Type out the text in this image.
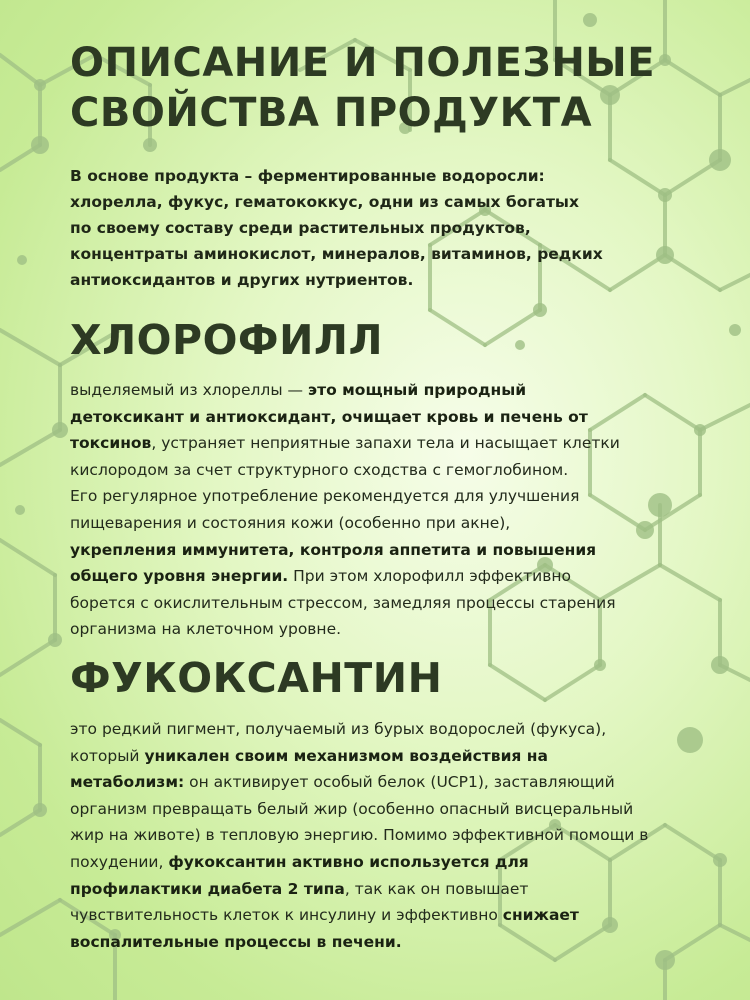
ОПИСАНИЕ И ПОЛЕЗНЫЕ
СВОЙСТВА ПРОДУКТА
В основе продукта – ферментированные водоросли:
хлорелла, фукус, гематококкус, одни из самых богатых
по своему составу среди растительных продуктов,
концентраты аминокислот, минералов, витаминов, редких
антиоксидантов и других нутриентов.
ХЛОРОФИЛЛ
выделяемый из хлореллы — это мощный природный
детоксикант и антиоксидант, очищает кровь и печень от
токсинов, устраняет неприятные запахи тела и насыщает клетки
кислородом за счет структурного сходства с гемоглобином.
Его регулярное употребление рекомендуется для улучшения
пищеварения и состояния кожи (особенно при акне),
укрепления иммунитета, контроля аппетита и повышения
общего уровня энергии. При этом хлорофилл эффективно
борется с окислительным стрессом, замедляя процессы старения
организма на клеточном уровне.
ФУКОКСАНТИН
это редкий пигмент, получаемый из бурых водорослей (фукуса),
который уникален своим механизмом воздействия на
метаболизм: он активирует особый белок (UCP1), заставляющий
организм превращать белый жир (особенно опасный висцеральный
жир на животе) в тепловую энергию. Помимо эффективной помощи в
похудении, фукоксантин активно используется для
профилактики диабета 2 типа, так как он повышает
чувствительность клеток к инсулину и эффективно снижает
воспалительные процессы в печени.
